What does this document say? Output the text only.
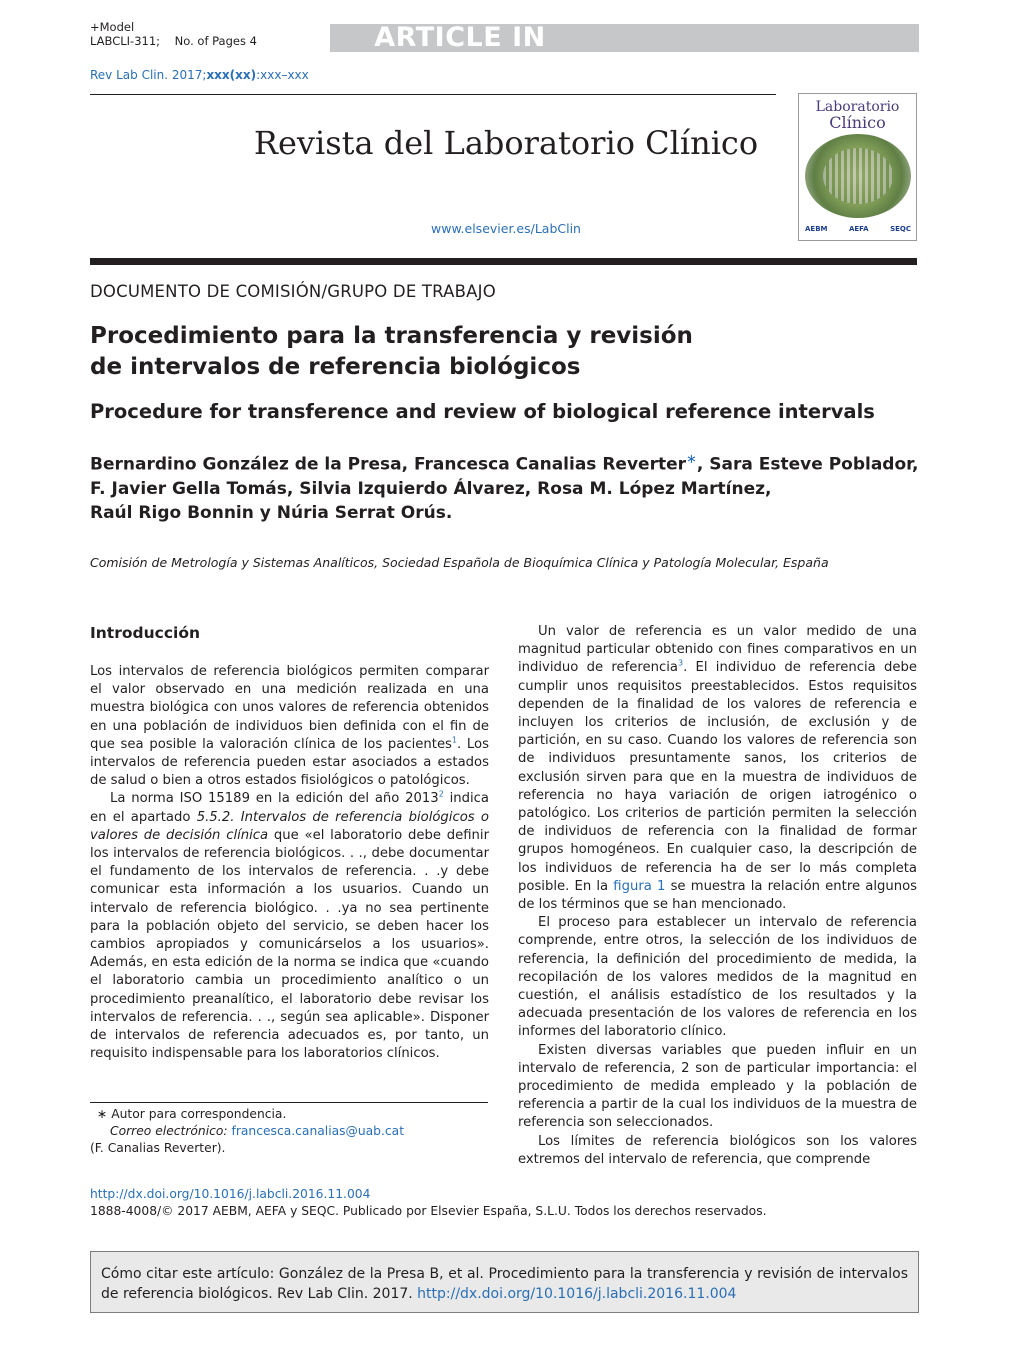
+Model
LABCLI-311; No. of Pages 4	ARTICLE IN PRESS
Rev Lab Clin. 2017;xxx(xx):xxx–xxx
Revista del Laboratorio Clínico
www.elsevier.es/LabClin
Laboratorio
Clínico
AEBM	AEFA	SEQC
DOCUMENTO DE COMISIÓN/GRUPO DE TRABAJO
Procedimiento para la transferencia y revisión
de intervalos de referencia biológicos
Procedure for transference and review of biological reference intervals
Bernardino González de la Presa, Francesca Canalias Reverter∗, Sara Esteve Poblador,
F. Javier Gella Tomás, Silvia Izquierdo Álvarez, Rosa M. López Martínez,
Raúl Rigo Bonnin y Núria Serrat Orús.
Comisión de Metrología y Sistemas Analíticos, Sociedad Española de Bioquímica Clínica y Patología Molecular, España
Introducción

Los intervalos de referencia biológicos permiten comparar el valor observado en una medición realizada en una muestra biológica con unos valores de referencia obtenidos en una población de individuos bien definida con el fin de que sea posible la valoración clínica de los pacientes$^1$. Los intervalos de referencia pueden estar asociados a estados de salud o bien a otros estados fisiológicos o patológicos.

La norma ISO 15189 en la edición del año 2013$^2$ indica en el apartado 5.5.2. Intervalos de referencia biológicos o valores de decisión clínica que «el laboratorio debe definir los intervalos de referencia biológicos. . ., debe documentar el fundamento de los intervalos de referencia. . .y debe comunicar esta información a los usuarios. Cuando un intervalo de referencia biológico. . .ya no sea pertinente para la población objeto del servicio, se deben hacer los cambios apropiados y comunicárselos a los usuarios». Además, en esta edición de la norma se indica que «cuando el laboratorio cambia un procedimiento analítico o un procedimiento preanalítico, el laboratorio debe revisar los intervalos de referencia. . ., según sea aplicable». Disponer de intervalos de referencia adecuados es, por tanto, un requisito indispensable para los laboratorios clínicos.

Un valor de referencia es un valor medido de una magnitud particular obtenido con fines comparativos en un individuo de referencia$^3$. El individuo de referencia debe cumplir unos requisitos preestablecidos. Estos requisitos dependen de la finalidad de los valores de referencia e incluyen los criterios de inclusión, de exclusión y de partición, en su caso. Cuando los valores de referencia son de individuos presuntamente sanos, los criterios de exclusión sirven para que en la muestra de individuos de referencia no haya variación de origen iatrogénico o patológico. Los criterios de partición permiten la selección de individuos de referencia con la finalidad de formar grupos homogéneos. En cualquier caso, la descripción de los individuos de referencia ha de ser lo más completa posible. En la figura 1 se muestra la relación entre algunos de los términos que se han mencionado.

El proceso para establecer un intervalo de referencia comprende, entre otros, la selección de los individuos de referencia, la definición del procedimiento de medida, la recopilación de los valores medidos de la magnitud en cuestión, el análisis estadístico de los resultados y la adecuada presentación de los valores de referencia en los informes del laboratorio clínico.

Existen diversas variables que pueden influir en un intervalo de referencia, 2 son de particular importancia: el procedimiento de medida empleado y la población de referencia a partir de la cual los individuos de la muestra de referencia son seleccionados.

Los límites de referencia biológicos son los valores extremos del intervalo de referencia, que comprende

∗ Autor para correspondencia.
Correo electrónico: francesca.canalias@uab.cat
(F. Canalias Reverter).
http://dx.doi.org/10.1016/j.labcli.2016.11.004
1888-4008/© 2017 AEBM, AEFA y SEQC. Publicado por Elsevier España, S.L.U. Todos los derechos reservados.
Cómo citar este artículo: González de la Presa B, et al. Procedimiento para la transferencia y revisión de intervalos de referencia biológicos. Rev Lab Clin. 2017. http://dx.doi.org/10.1016/j.labcli.2016.11.004
